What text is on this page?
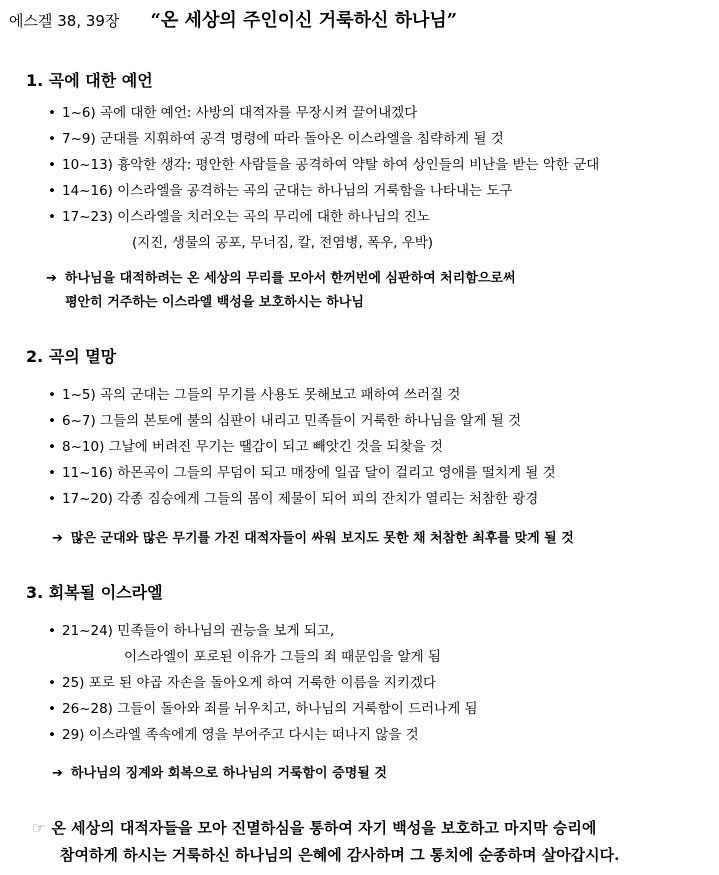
에스겔 38, 39장 “온 세상의 주인이신 거룩하신 하나님”
1. 곡에 대한 예언
• 1~6) 곡에 대한 예언: 사방의 대적자를 무장시켜 끌어내겠다
• 7~9) 군대를 지휘하여 공격 명령에 따라 돌아온 이스라엘을 침략하게 될 것
• 10~13) 흉악한 생각: 평안한 사람들을 공격하여 약탈 하여 상인들의 비난을 받는 악한 군대
• 14~16) 이스라엘을 공격하는 곡의 군대는 하나님의 거룩함을 나타내는 도구
• 17~23) 이스라엘을 치러오는 곡의 무리에 대한 하나님의 진노
(지진, 생물의 공포, 무너짐, 칼, 전염병, 폭우, 우박)
➔ 하나님을 대적하려는 온 세상의 무리를 모아서 한꺼번에 심판하여 처리함으로써
평안히 거주하는 이스라엘 백성을 보호하시는 하나님
2. 곡의 멸망
• 1~5) 곡의 군대는 그들의 무기를 사용도 못해보고 패하여 쓰러질 것
• 6~7) 그들의 본토에 불의 심판이 내리고 민족들이 거룩한 하나님을 알게 될 것
• 8~10) 그날에 버려진 무기는 땔감이 되고 빼앗긴 것을 되찾을 것
• 11~16) 하몬곡이 그들의 무덤이 되고 매장에 일곱 달이 걸리고 영애를 떨치게 될 것
• 17~20) 각종 짐승에게 그들의 몸이 제물이 되어 피의 잔치가 열리는 처참한 광경
➔ 많은 군대와 많은 무기를 가진 대적자들이 싸워 보지도 못한 채 처참한 최후를 맞게 될 것
3. 회복될 이스라엘
• 21~24) 민족들이 하나님의 권능을 보게 되고,
이스라엘이 포로된 이유가 그들의 죄 때문임을 알게 됨
• 25) 포로 된 야곱 자손을 돌아오게 하여 거룩한 이름을 지키겠다
• 26~28) 그들이 돌아와 죄를 뉘우치고, 하나님의 거룩함이 드러나게 됨
• 29) 이스라엘 족속에게 영을 부어주고 다시는 떠나지 않을 것
➔ 하나님의 징계와 회복으로 하나님의 거룩함이 증명될 것
☞ 온 세상의 대적자들을 모아 진멸하심을 통하여 자기 백성을 보호하고 마지막 승리에
참여하게 하시는 거룩하신 하나님의 은혜에 감사하며 그 통치에 순종하며 살아갑시다.
